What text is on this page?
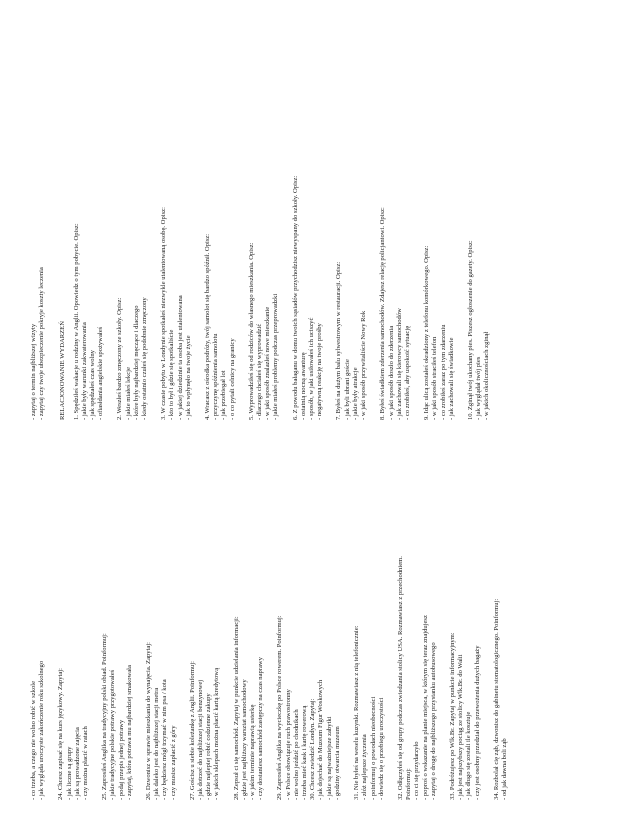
- co trzeba, a czego nie wolno robić w szkole - jak wygląda uroczyste zakończenie roku szkolnego 24. Chcesz zapisać się na kurs językowy. Zapytaj: - jak liczne są grupy - jak są prowadzone zajęcia - czy można płacić w ratach 25. Zaprosiłeś Anglika na tradycyjny polski obiad. Poinformuj: - jakie tradycyjne polskie potrawy przygotowałeś - podaj przepis jednej potrawy - zapytaj, która potrawa mu najbardziej smakowała 26. Dzwonisz w sprawie mieszkania do wynajęcia. Zapytaj: - jak daleko jest do najbliższej stacji metra - czy będziesz mógł trzymać w nim psa / kota - czy musisz zapłacić z góry 27. Gościsz u siebie koleżankę z Anglii. Poinformuj: - jak dotrzeć do najbliższej stacji benzynowej - gdzie najlepiej robić codzienne zakupy - w jakich sklepach można płacić kartą kredytową 28. Zepsuł ci się samochód. Zapytaj w punkcie udzielania informacji: - gdzie jest najbliższy warsztat samochodowy - w jakim terminie naprawią usterkę - czy dostaniesz samochód zastępczy na czas naprawy 29. Zaprosiłeś Anglika na wycieczkę po Polsce rowerem. Poinformuj: - w Polsce obowiązuje ruch prawostronny - nie wolno jeździć po chodnikach - trzeba mieć kask i kartę rowerową 30. Chcesz zwiedzić Londyn. Zapytaj: - jak dojechać do Muzeum Figur Woskowych - jakie są najważniejsze zabytki - godziny otwarcia muzeum 31. Nie byłeś na weselu kuzynki. Rozmawiasz z nią telefonicznie: - złóż najlepsze życzenia - poinformuj o powodach nieobecności - dowiedz się o przebiegu uroczystości 32. Odłączyłeś się od grupy podczas zwiedzania stolicy USA. Rozmawiasz z przechodniem. Poinformuj: - co ci się przydarzyło - poproś o wskazanie na planie miejsca, w którym się teraz znajdujesz - zapytaj o drogę do najbliższego przystanku autobusowego 33. Podróżujesz po Wlk.Br. Zapytaj w punkcie informacyjnym: - jak jest najszybszy pociąg ze stolicy Wlk.Br. do Walii - jak długo się zostali ile kosztuje - czy jest osobny przedział do przewożenia dużych bagaży 34. Rozbolał cię ząb, dzwonisz do gabinetu stomatologicznego. Poinformuj: - od jak dawna boli ząb

- zapytaj o termin najbliższej wizyty - zapytaj czy twoje ubezpieczenie pokryje koszty leczenia RELACJONOWANIE WYDARZEŃ 1. Spędziłeś wakacje u rodziny w Anglii. Opowiedz o tym pobycie. Opisz: - jakie były warunki zakwaterowania - jak spędzałeś czas wolny - ofiasłdania angielskie spożywałeś 2. Weszłeś bardzo zmęczony ze szkoły. Opisz: - jakie miałeś lekcje - które były najbardziej męczące i dlaczego - kiedy ostatnio czułeś się podobnie zmęczony 3. W czasie pobytu w Londynie spotkałeś niezwykle utalentowaną osobę. Opisz: - kto to był i gdzie się spotkaliście - w jakiej dziedzinie ta osoba jest utalentowana - jak to wpłynęło na twoje życie 4. Wracasz z ośrodka podróży, twój samolot się bardzo spóźnił. Opisz: - przyczynę spóźnienia samolotu - jak przebiegał lot - o co pytali celnicy na granicy 5. Wyprowadziłeś się od rodziców do własnego mieszkania. Opisz: - dlaczego chciałeś się wyprowadzić - w jaki sposób znalazłeś nowe mieszkanie - jakie miałeś problemy podczas przeprowadzki 6. Z powodu bałaganu w domu twoich sąsiadów przychodzisz niewyspany do szkoły. Opisz: - ostatnią nocną awanturę - sposób, w jaki usiłowałeś ich uciszyć - negatywną reakcję na twoje prośby 7. Byłeś na dużym balu sylwestrowym w restauracji. Opisz: - jak byli ubrani goście - jakie były atrakcje - w jaki sposób przywitaliście Nowy Rok 8. Byłeś świadkiem zderzenia samochodów. Zdajesz relację policjantowi. Opisz: - w jaki sposób doszło do zderzenia - jak zachowali się kierowcy samochodów - co zrobiłeś, aby uspokoić sytuację 9. Idąc ulicą zostałeś okradziony z telefonu komórkowego. Opisz: - w jaki sposób straciłeś telefon - co zrobiłeś zaraz po tym zdarzeniu - jak zachowali się świadkowie 10. Zginął twój ukochany pies. Piszesz ogłoszenie do gazety. Opisz: - jak wyglądał twój pies - w jakich okolicznościach zginął
